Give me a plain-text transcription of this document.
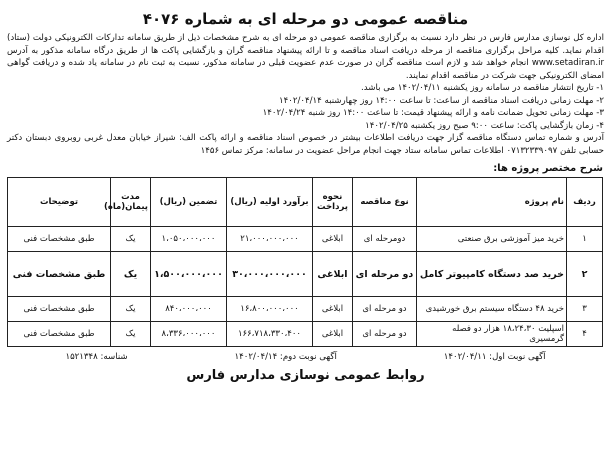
مناقصه عمومی دو مرحله ای به شماره ۴۰۷۶

اداره کل نوسازی مدارس فارس در نظر دارد نسبت به برگزاری مناقصه عمومی دو مرحله ای به شرح مشخصات ذیل از طریق سامانه تدارکات الکترونیکی دولت (ستاد) اقدام نماید. کلیه مراحل برگزاری مناقصه از مرحله دریافت اسناد مناقصه و تا ارائه پیشنهاد مناقصه گران و بازگشایی پاکت ها از طریق درگاه سامانه مذکور به آدرس www.setadiran.ir انجام خواهد شد و لازم است مناقصه گران در صورت عدم عضویت قبلی در سامانه مذکور، نسبت به ثبت نام در سامانه یاد شده و دریافت گواهی امضای الکترونیکی جهت شرکت در مناقصه اقدام نمایند.

۱- تاریخ انتشار مناقصه در سامانه روز یکشنبه ۱۴۰۲/۰۴/۱۱ می باشد.
۲- مهلت زمانی دریافت اسناد مناقصه از ساعت: تا ساعت ۱۴:۰۰ روز چهارشنبه ۱۴۰۲/۰۴/۱۴
۳- مهلت زمانی تحویل ضمانت نامه و ارائه پیشنهاد قیمت: تا ساعت ۱۴:۰۰ روز شنبه ۱۴۰۲/۰۴/۲۴
۴- زمان بازگشایی پاکت: ساعت ۹:۰۰ صبح روز یکشنبه ۱۴۰۲/۰۴/۲۵

آدرس و شماره تماس دستگاه مناقصه گزار جهت دریافت اطلاعات بیشتر در خصوص اسناد مناقصه و ارائه پاکت الف: شیراز خیابان معدل غربی روبروی دبستان دکتر حسابی تلفن ۰۷۱۳۲۳۳۹۰۹۷ اطلاعات تماس سامانه ستاد جهت انجام مراحل عضویت در سامانه: مرکز تماس ۱۴۵۶

شرح مختصر پروژه ها:
ردیف	نام پروژه	نوع مناقصه	نحوه پرداخت	برآورد اولیه (ریال)	تضمین (ریال)	مدت پیمان(ماه)	توضیحات
۱	خرید میز آموزشی برق صنعتی	دومرحله ای	ابلاغی	۲۱،۰۰۰،۰۰۰،۰۰۰	۱،۰۵۰،۰۰۰،۰۰۰	یک	طبق مشخصات فنی
۲	خرید صد دستگاه کامپیوتر کامل	دو مرحله ای	ابلاغی	۳۰،۰۰۰،۰۰۰،۰۰۰	۱،۵۰۰،۰۰۰،۰۰۰	یک	طبق مشخصات فنی
۳	خرید ۴۸ دستگاه سیستم برق خورشیدی	دو مرحله ای	ابلاغی	۱۶،۸۰۰،۰۰۰،۰۰۰	۸۴۰،۰۰۰،۰۰۰	یک	طبق مشخصات فنی
۴	اسپلیت ۱۸،۲۴،۳۰ هزار دو فصله گرمسیری	دو مرحله ای	ابلاغی	۱۶۶،۷۱۸،۳۳۰،۴۰۰	۸،۳۳۶،۰۰۰،۰۰۰	یک	طبق مشخصات فنی
آگهی نوبت اول: ۱۴۰۲/۰۴/۱۱
آگهی نوبت دوم: ۱۴۰۲/۰۴/۱۴
شناسه: ۱۵۲۱۳۴۸
روابط عمومی نوسازی مدارس فارس
